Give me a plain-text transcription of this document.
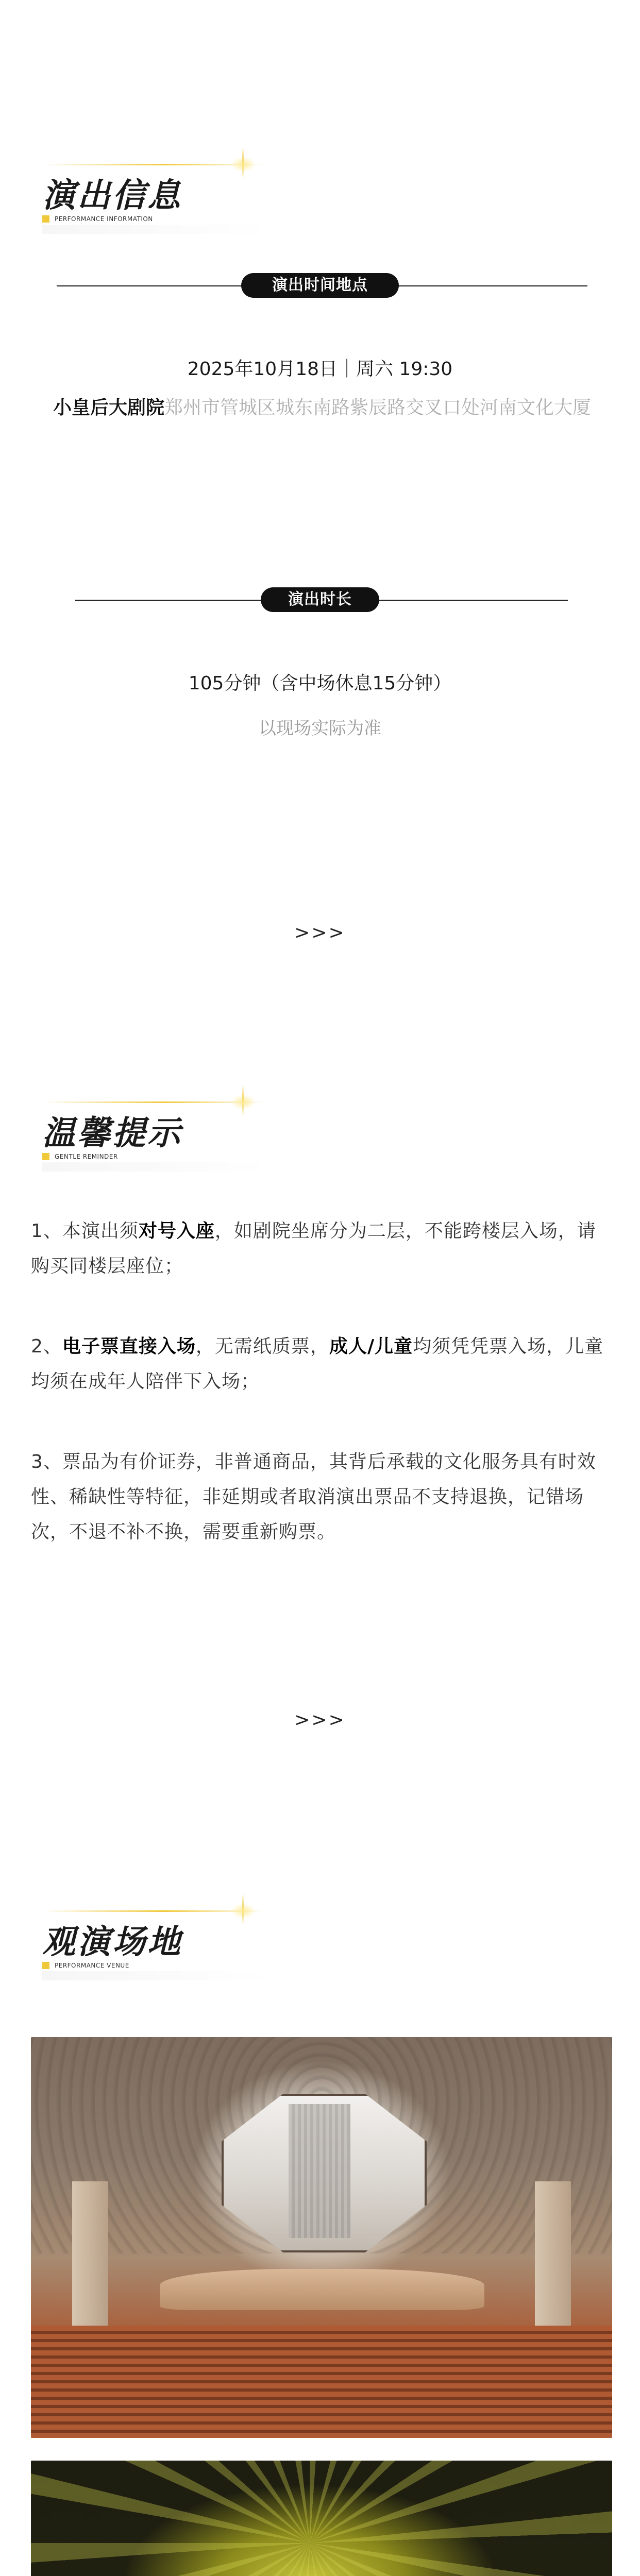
演出信息
PERFORMANCE INFORMATION
演出时间地点
2025年10月18日｜周六 19:30
小皇后大剧院郑州市管城区城东南路紫辰路交叉口处河南文化大厦
演出时长
105分钟（含中场休息15分钟）
以现场实际为准
>>>
温馨提示
GENTLE REMINDER
1、本演出须对号入座，如剧院坐席分为二层，不能跨楼层入场，请购买同楼层座位；
2、电子票直接入场，无需纸质票，成人/儿童均须凭凭票入场，儿童均须在成年人陪伴下入场；
3、票品为有价证券，非普通商品，其背后承载的文化服务具有时效性、稀缺性等特征，非延期或者取消演出票品不支持退换，记错场次，不退不补不换，需要重新购票。
>>>
观演场地
PERFORMANCE VENUE
